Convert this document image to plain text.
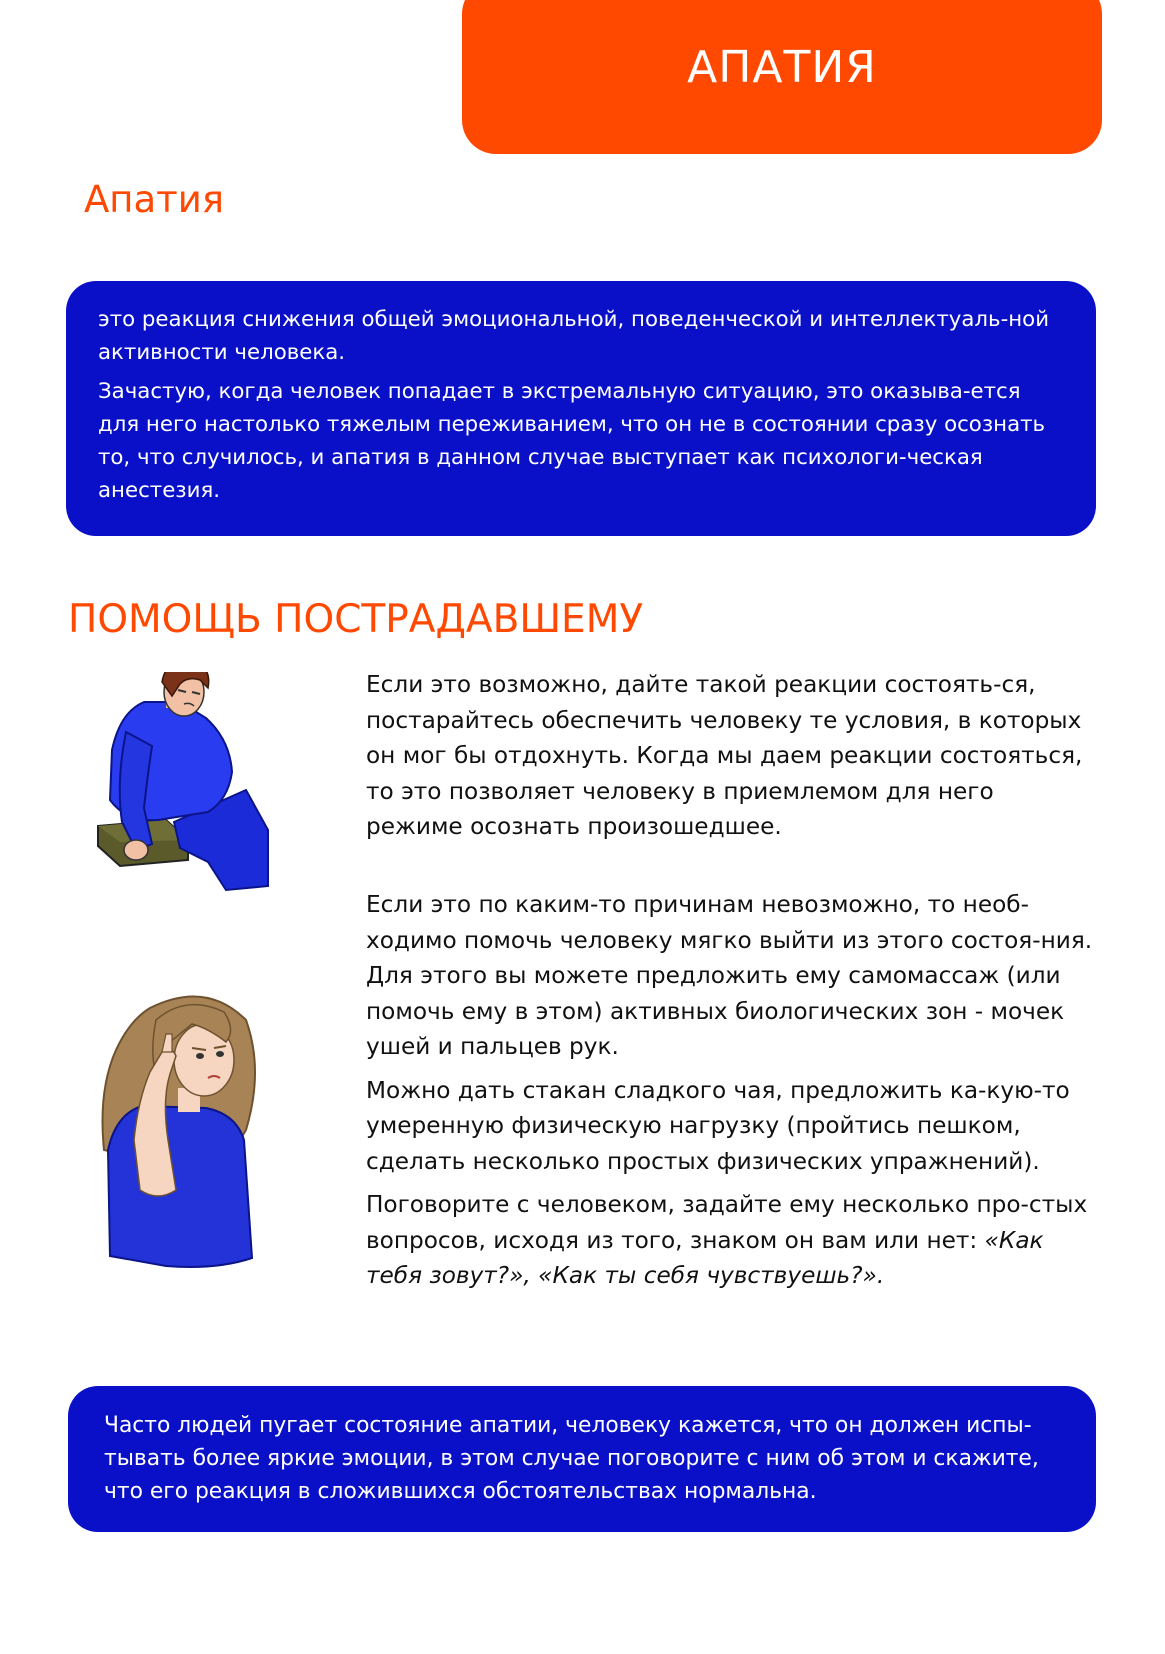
АПАТИЯ
Апатия

это реакция снижения общей эмоциональной, поведенческой и интеллектуаль-ной активности человека.

Зачастую, когда человек попадает в экстремальную ситуацию, это оказыва-ется для него настолько тяжелым переживанием, что он не в состоянии сразу осознать то, что случилось, и апатия в данном случае выступает как психологи-ческая анестезия.

ПОМОЩЬ ПОСТРАДАВШЕМУ

Если это возможно, дайте такой реакции состоять-ся, постарайтесь обеспечить человеку те условия, в которых он мог бы отдохнуть. Когда мы даем реакции состояться, то это позволяет человеку в приемлемом для него режиме осознать произошедшее.

Если это по каким-то причинам невозможно, то необ-ходимо помочь человеку мягко выйти из этого состоя-ния. Для этого вы можете предложить ему самомассаж (или помочь ему в этом) активных биологических зон - мочек ушей и пальцев рук.

Можно дать стакан сладкого чая, предложить ка-кую-то умеренную физическую нагрузку (пройтись пешком, сделать несколько простых физических упражнений).

Поговорите с человеком, задайте ему несколько про-стых вопросов, исходя из того, знаком он вам или нет: «Как тебя зовут?», «Как ты себя чувствуешь?».

Часто людей пугает состояние апатии, человеку кажется, что он должен испы-тывать более яркие эмоции, в этом случае поговорите с ним об этом и скажите, что его реакция в сложившихся обстоятельствах нормальна.
